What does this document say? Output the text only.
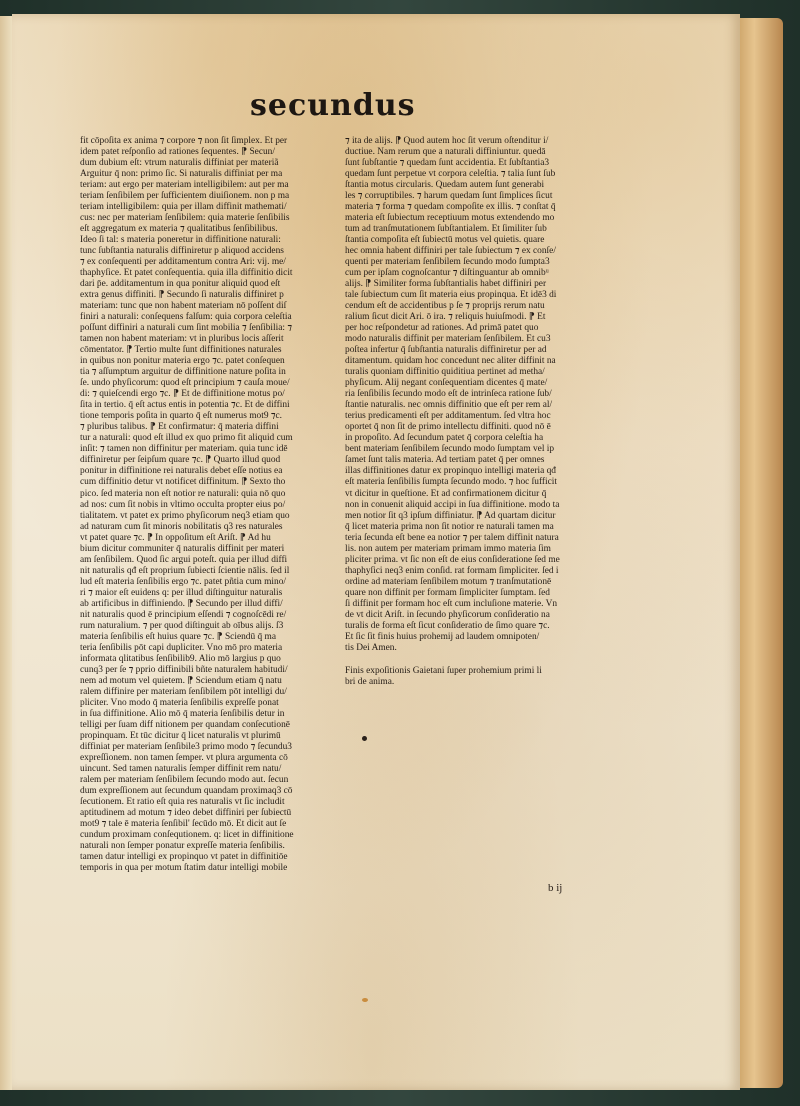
secundus
fit cōpoſita ex anima ⁊ corpore ⁊ non ſit ſimplex. Et per
idem patet reſponſio ad rationes ſequentes. ⁋ Secun/
dum dubium eſt: vtrum naturalis diffiniat per materiã
Arguitur q̄ non: primo ſic. Si naturalis diffiniat per ma
teriam: aut ergo per materiam intelligibilem: aut per ma
teriam ſenſibilem per ſufficientem diuiſionem. non p ma
teriam intelligibilem: quia per illam diffinit mathemati/
cus: nec per materiam ſenſibilem: quia materie ſenſibilis
eſt aggregatum ex materia ⁊ qualitatibus ſenſibilibus.
Ideo ſi tal: s materia poneretur in diffinitione naturali:
tunc ſubſtantia naturalis diffiniretur p aliquod accidens
⁊ ex conſequenti per additamentum contra Ari: vij. me/
thaphyſice. Et patet conſequentia. quia illa diffinitio dicit
dari p̄e. additamentum in qua ponitur aliquid quod eſt
extra genus diffiniti. ⁋ Secundo ſi naturalis diffiniret p
materiam: tunc que non habent materiam nō poſſent diſ
finiri a naturali: conſequens falſum: quia corpora celeſtia
poſſunt diffiniri a naturali cum ſint mobilia ⁊ ſenſibilia: ⁊
tamen non habent materiam: vt in pluribus locis aſſerit
cōmentator. ⁋ Tertio multe ſunt diffinitiones naturales
in quibus non ponitur materia ergo ⁊c. patet conſequen
tia ⁊ aſſumptum arguitur de diffinitione nature poſita in
ſe. undo phyſicorum: quod eſt principium ⁊ cauſa moue/
di: ⁊ quieſcendi ergo ⁊c. ⁋ Et de diffinitione motus po/
ſita in tertio. q̄ eſt actus entis in potentia ⁊c. Et de diffini
tione temporis poſita in quarto q̄ eſt numerus mot9 ⁊c.
⁊ pluribus talibus. ⁋ Et confirmatur: q̄ materia diffini
tur a naturali: quod eſt illud ex quo primo fit aliquid cum
inſit: ⁊ tamen non diffinitur per materiam. quia tunc idē
diffiniretur per ſeipſum quare ⁊c. ⁋ Quarto illud quod
ponitur in diffinitione rei naturalis debet eſſe notius ea
cum diffinitio detur vt notificet diffinitum. ⁋ Sexto tho
pico. ſed materia non eſt notior re naturali: quia nō quo
ad nos: cum ſit nobis in vltimo occulta propter eius po/
tialitatem. vt patet ex primo phyſicorum neq3 etiam quo
ad naturam cum ſit minoris nobilitatis q3 res naturales
vt patet quare ⁊c. ⁋ In oppoſitum eſt Ariſt. ⁋ Ad hu
bium dicitur communiter q̄ naturalis diffinit per materi
am ſenſibilem. Quod ſic argui poteſt. quia per illud diffi
nit naturalis qđ eſt proprium ſubiecti ſcientie nālis. ſed il
lud eſt materia ſenſibilis ergo ⁊c. patet pñtia cum mino/
ri ⁊ maior eſt euidens q: per illud diſtinguitur naturalis
ab artificibus in diffiniendo. ⁋ Secundo per illud diffi/
nit naturalis quod ē principium eſſendi ⁊ cognoſcēdi re/
rum naturalium. ⁊ per quod diſtinguit ab oībus alijs. ſ3
materia ſenſibilis eſt huius quare ⁊c. ⁋ Sciendū q̄ ma
teria ſenſibilis pōt capi dupliciter. Vno mō pro materia
informata qlitatibus ſenſibilib9. Alio mō largius p quo
cunq3 per ſe ⁊ pprio diffinibili bñte naturalem habitudi/
nem ad motum vel quietem. ⁋ Sciendum etiam q̄ natu
ralem diffinire per materiam ſenſibilem pōt intelligi du/
pliciter. Vno modo q̄ materia ſenſibilis expreſſe ponat
in ſua diffinitione. Alio mō q̄ materia ſenſibilis detur in
telligi per ſuam diff nitionem per quandam conſecutionē
propinquam. Et tūc dicitur q̄ licet naturalis vt plurimū
diffiniat per materiam ſenſibile3 primo modo ⁊ ſecundu3
expreſſionem. non tamen ſemper. vt plura argumenta cō
uincunt. Sed tamen naturalis ſemper diffinit rem natu/
ralem per materiam ſenſibilem ſecundo modo aut. ſecun
dum expreſſionem aut ſecundum quandam proximaq3 cō
ſecutionem. Et ratio eſt quia res naturalis vt ſic includit
aptitudinem ad motum ⁊ ideo debet diffiniri per ſubiectū
mot9 ⁊ tale ē materia ſenſibil' ſecūdo mō. Et dicit aut ſe
cundum proximam conſequtionem. q: licet in diffinitione
naturali non ſemper ponatur expreſſe materia ſenſibilis.
tamen datur intelligi ex propinquo vt patet in diffinitiōe
temporis in qua per motum ſtatim datur intelligi mobile
⁊ ita de alijs. ⁋ Quod autem hoc ſit verum oſtenditur i/
ductiue. Nam rerum que a naturali diffiniuntur. quedā
ſunt ſubſtantie ⁊ quedam ſunt accidentia. Et ſubſtantia3
quedam ſunt perpetue vt corpora celeſtia. ⁊ talia ſunt ſub
ſtantia motus circularis. Quedam autem ſunt generabi
les ⁊ corruptibiles. ⁊ harum quedam ſunt ſimplices ſicut
materia ⁊ forma ⁊ quedam compoſite ex illis. ⁊ conſtat q̄
materia eſt ſubiectum receptiuum motus extendendo mo
tum ad tranſmutationem ſubſtantialem. Et ſimiliter ſub
ſtantia compoſita eſt ſubiectū motus vel quietis. quare
hec omnia habent diffiniri per tale ſubiectum ⁊ ex conſe/
quenti per materiam ſenſibilem ſecundo modo ſumpta3
cum per ipſam cognoſcantur ⁊ diſtinguantur ab omnibᵘ
alijs. ⁋ Similiter forma ſubſtantialis habet diffiniri per
tale ſubiectum cum ſit materia eius propinqua. Et idē3 di
cendum eſt de accidentibus p ſe ⁊ proprijs rerum natu
ralium ſicut dicit Ari. ō ira. ⁊ reliquis huiuſmodi. ⁋ Et
per hoc reſpondetur ad rationes. Ad primā patet quo
modo naturalis diffinit per materiam ſenſibilem. Et cu3
poſtea infertur q̄ ſubſtantia naturalis diffiniretur per ad
ditamentum. quidam hoc concedunt nec aliter diffinit na
turalis quoniam diffinitio quiditiua pertinet ad metha/
phyſicum. Alij negant conſequentiam dicentes q̄ mate/
ria ſenſibilis ſecundo modo eſt de intrinſeca ratione ſub/
ſtantie naturalis. nec omnis diffinitio que eſt per rem al/
terius predicamenti eſt per additamentum. ſed vltra hoc
oportet q̄ non ſit de primo intellectu diffiniti. quod nō ē
in propoſito. Ad ſecundum patet q̄ corpora celeſtia ha
bent materiam ſenſibilem ſecundo modo ſumptam vel ip
ſamet ſunt talis materia. Ad tertiam patet q̄ per omnes
illas diffinitiones datur ex propinquo intelligi materia qđ
eſt materia ſenſibilis ſumpta ſecundo modo. ⁊ hoc ſufficit
vt dicitur in queſtione. Et ad confirmationem dicitur q̄
non in conuenit aliquid accipi in ſua diffinitione. modo ta
men notior ſit q3 ipſum diffiniatur. ⁋ Ad quartam dicitur
q̄ licet materia prima non ſit notior re naturali tamen ma
teria ſecunda eſt bene ea notior ⁊ per talem diffinit natura
lis. non autem per materiam primam immo materia ſim
pliciter prima. vt ſic non eſt de eius conſideratione ſed me
thaphyſici neq3 enim conſid. rat formam ſimpliciter. ſed i
ordine ad materiam ſenſibilem motum ⁊ tranſmutationē
quare non diffinit per formam ſimpliciter ſumptam. ſed
ſi diffinit per formam hoc eſt cum incluſione materie. Vn
de vt dicit Ariſt. in ſecundo phyſicorum conſideratio na
turalis de forma eſt ſicut conſideratio de ſimo quare ⁊c.
Et ſic ſit finis huius prohemij ad laudem omnipoten/
tis Dei Amen.
Finis expoſitionis Gaietani ſuper prohemium primi li
bri de anima.
b ij
